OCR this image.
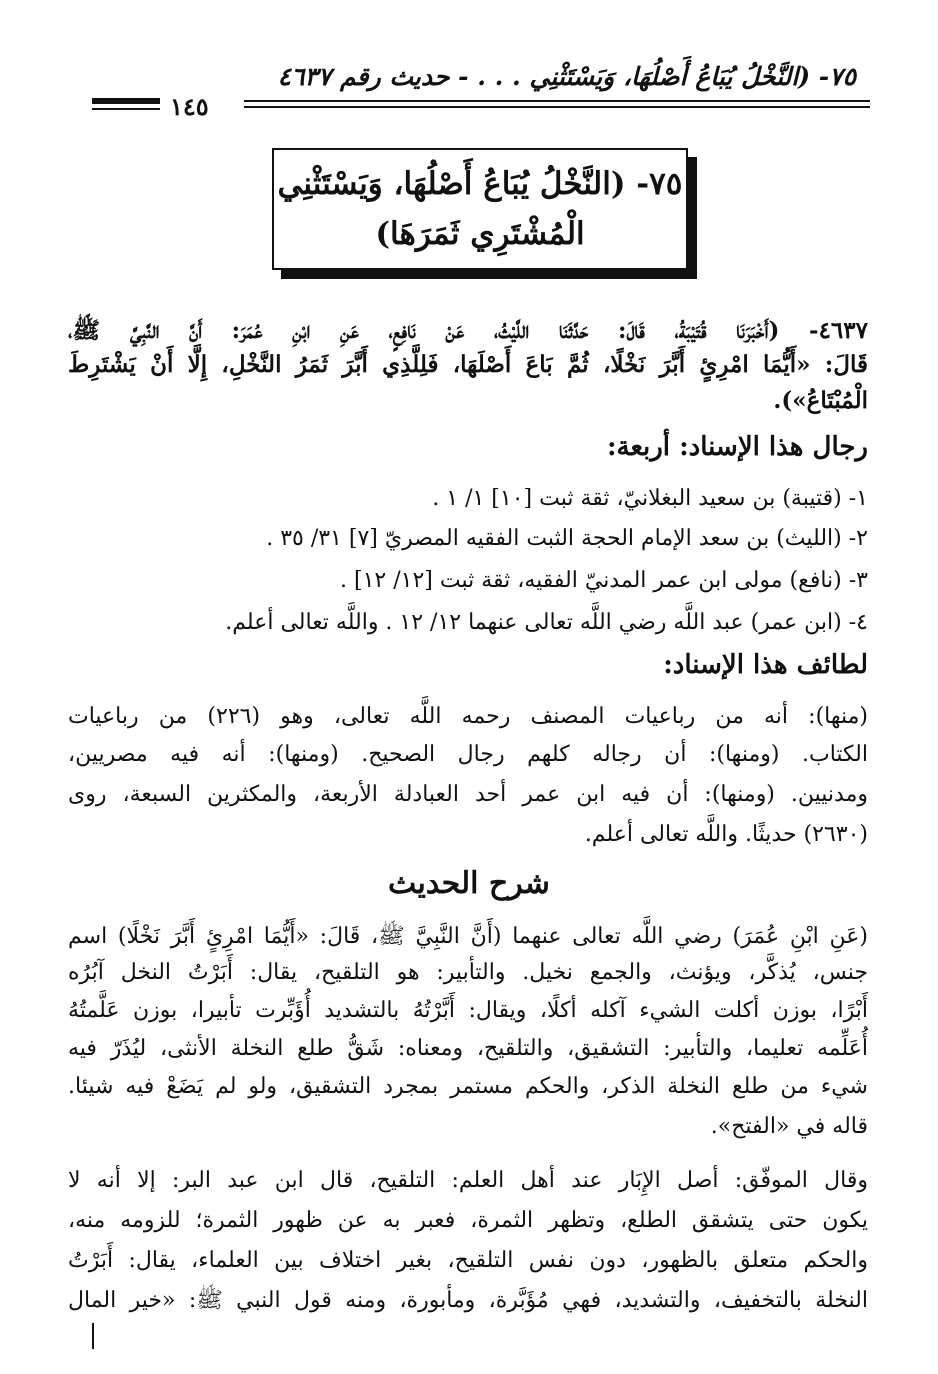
٧٥- (النَّخْلُ يُبَاعُ أَصْلُهَا، وَيَسْتَثْنِي . . . - حديث رقم ٤٦٣٧
١٤٥
٧٥- (النَّخْلُ يُبَاعُ أَصْلُهَا، وَيَسْتَثْنِي
الْمُشْتَرِي ثَمَرَهَا)
٤٦٣٧- (أَخْبَرَنَا قُتَيْبَةُ، قَالَ: حَدَّثَنَا اللَّيْثُ، عَنْ نَافِعٍ، عَنِ ابْنِ عُمَرَ: أَنَّ النَّبِيَّ ﷺ،
قَالَ: «أَيُّمَا امْرِئٍ أَبَّرَ نَخْلًا، ثُمَّ بَاعَ أَصْلَهَا، فَلِلَّذِي أَبَّرَ ثَمَرُ النَّخْلِ، إِلَّا أَنْ يَشْتَرِطَ
الْمُبْتَاعُ»).
رجال هذا الإسناد: أربعة:
١- (قتيبة) بن سعيد البغلانيّ، ثقة ثبت [١٠] ١/ ١ .
٢- (الليث) بن سعد الإمام الحجة الثبت الفقيه المصريّ [٧] ٣١/ ٣٥ .
٣- (نافع) مولى ابن عمر المدنيّ الفقيه، ثقة ثبت [١٢/ ١٢] .
٤- (ابن عمر) عبد اللَّه رضي اللَّه تعالى عنهما ١٢/ ١٢ . واللَّه تعالى أعلم.
لطائف هذا الإسناد:
(منها): أنه من رباعيات المصنف رحمه اللَّه تعالى، وهو (٢٢٦) من رباعيات
الكتاب. (ومنها): أن رجاله كلهم رجال الصحيح. (ومنها): أنه فيه مصريين،
ومدنيين. (ومنها): أن فيه ابن عمر أحد العبادلة الأربعة، والمكثرين السبعة، روى
(٢٦٣٠) حديثًا. واللَّه تعالى أعلم.
شرح الحديث
(عَنِ ابْنِ عُمَرَ) رضي اللَّه تعالى عنهما (أَنَّ النَّبِيَّ ﷺ، قَالَ: «أَيُّمَا امْرِئٍ أَبَّرَ نَخْلًا) اسم
جنس، يُذكَّر، ويؤنث، والجمع نخيل. والتأبير: هو التلقيح، يقال: أَبَرْتُ النخل آبُرُه
أَبْرًا، بوزن أكلت الشيء آكله أكلًا، ويقال: أَبَّرْتُهُ بالتشديد أُؤَبِّرت تأبيرا، بوزن عَلَّمتُهُ
أُعَلِّمه تعليما، والتأبير: التشقيق، والتلقيح، ومعناه: شَقُّ طلع النخلة الأنثى، ليُذَرّ فيه
شيء من طلع النخلة الذكر، والحكم مستمر بمجرد التشقيق، ولو لم يَضَعْ فيه شيئا.
قاله في «الفتح».
وقال الموفّق: أصل الإِبَار عند أهل العلم: التلقيح، قال ابن عبد البر: إلا أنه لا
يكون حتى يتشقق الطلع، وتظهر الثمرة، فعبر به عن ظهور الثمرة؛ للزومه منه،
والحكم متعلق بالظهور، دون نفس التلقيح، بغير اختلاف بين العلماء، يقال: أَبَرْتُ
النخلة بالتخفيف، والتشديد، فهي مُؤَبَّرة، ومأبورة، ومنه قول النبي ﷺ: «خير المال
